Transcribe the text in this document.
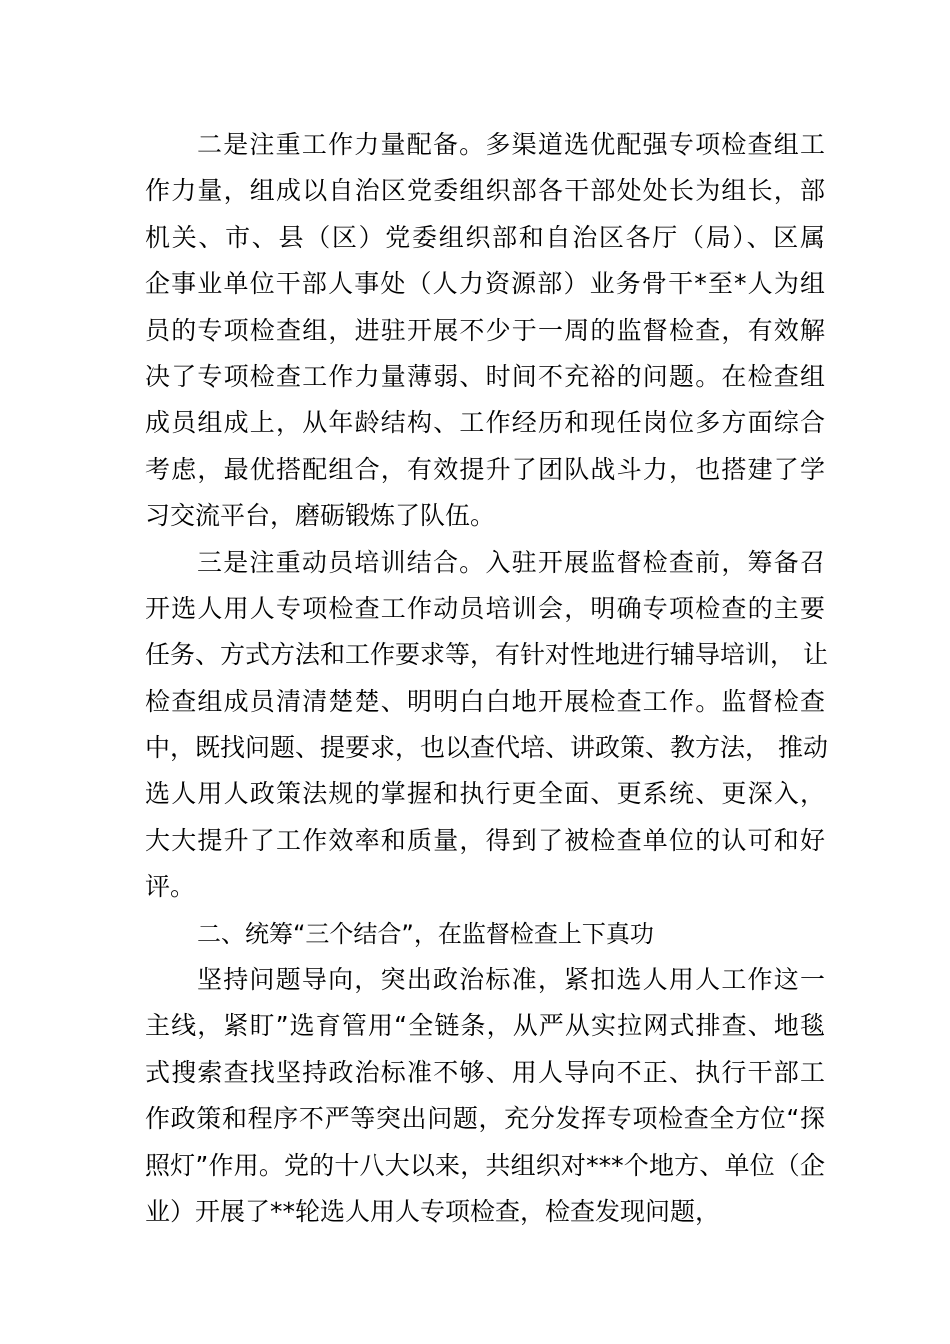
二是注重工作力量配备。多渠道选优配强专项检查组工
作力量，组成以自治区党委组织部各干部处处长为组长，部
机关、市、县（区）党委组织部和自治区各厅（局）、区属
企事业单位干部人事处（人力资源部）业务骨干*至*人为组
员的专项检查组，进驻开展不少于一周的监督检查，有效解
决了专项检查工作力量薄弱、时间不充裕的问题。在检查组
成员组成上，从年龄结构、工作经历和现任岗位多方面综合
考虑，最优搭配组合，有效提升了团队战斗力，也搭建了学
习交流平台，磨砺锻炼了队伍。
三是注重动员培训结合。入驻开展监督检查前，筹备召
开选人用人专项检查工作动员培训会，明确专项检查的主要
任务、方式方法和工作要求等，有针对性地进行辅导培训， 让
检查组成员清清楚楚、明明白白地开展检查工作。监督检查
中，既找问题、提要求，也以查代培、讲政策、教方法， 推动
选人用人政策法规的掌握和执行更全面、更系统、更深入，
大大提升了工作效率和质量，得到了被检查单位的认可和好
评。
二、统筹“三个结合”，在监督检查上下真功
坚持问题导向，突出政治标准，紧扣选人用人工作这一
主线，紧盯”选育管用“全链条，从严从实拉网式排查、地毯
式搜索查找坚持政治标准不够、用人导向不正、执行干部工
作政策和程序不严等突出问题，充分发挥专项检查全方位“探
照灯”作用。党的十八大以来，共组织对***个地方、单位（企
业）开展了**轮选人用人专项检查，检查发现问题，
